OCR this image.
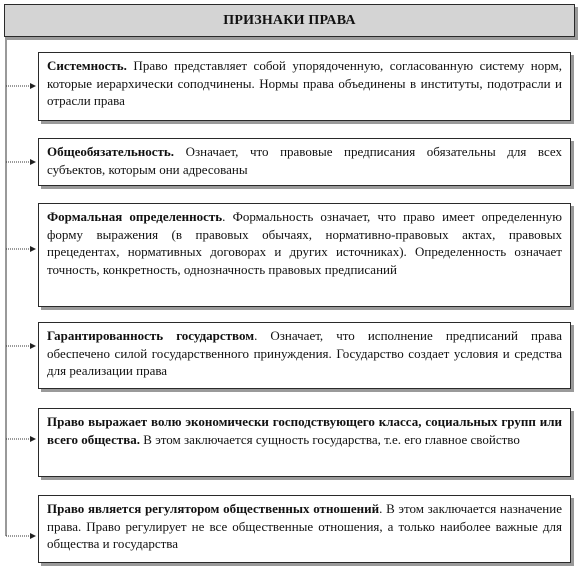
ПРИЗНАКИ ПРАВА

Системность. Право представляет собой упорядоченную, согласованную систему норм, которые иерархически соподчинены. Нормы права объединены в институты, подотрасли и отрасли права

Общеобязательность. Означает, что правовые предписания обязательны для всех субъектов, которым они адресованы

Формальная определенность. Формальность означает, что право имеет определенную форму выражения (в правовых обычаях, нормативно-правовых актах, правовых прецедентах, нормативных договорах и других источниках). Определенность означает точность, конкретность, однозначность правовых предписаний

Гарантированность государством. Означает, что исполнение предписаний права обеспечено силой государственного принуждения. Государство создает условия и средства для реализации права

Право выражает волю экономически господствующего класса, социальных групп или всего общества. В этом заключается сущность государства, т.е. его главное свойство

Право является регулятором общественных отношений. В этом заключается назначение права. Право регулирует не все общественные отношения, а только наиболее важные для общества и государства
